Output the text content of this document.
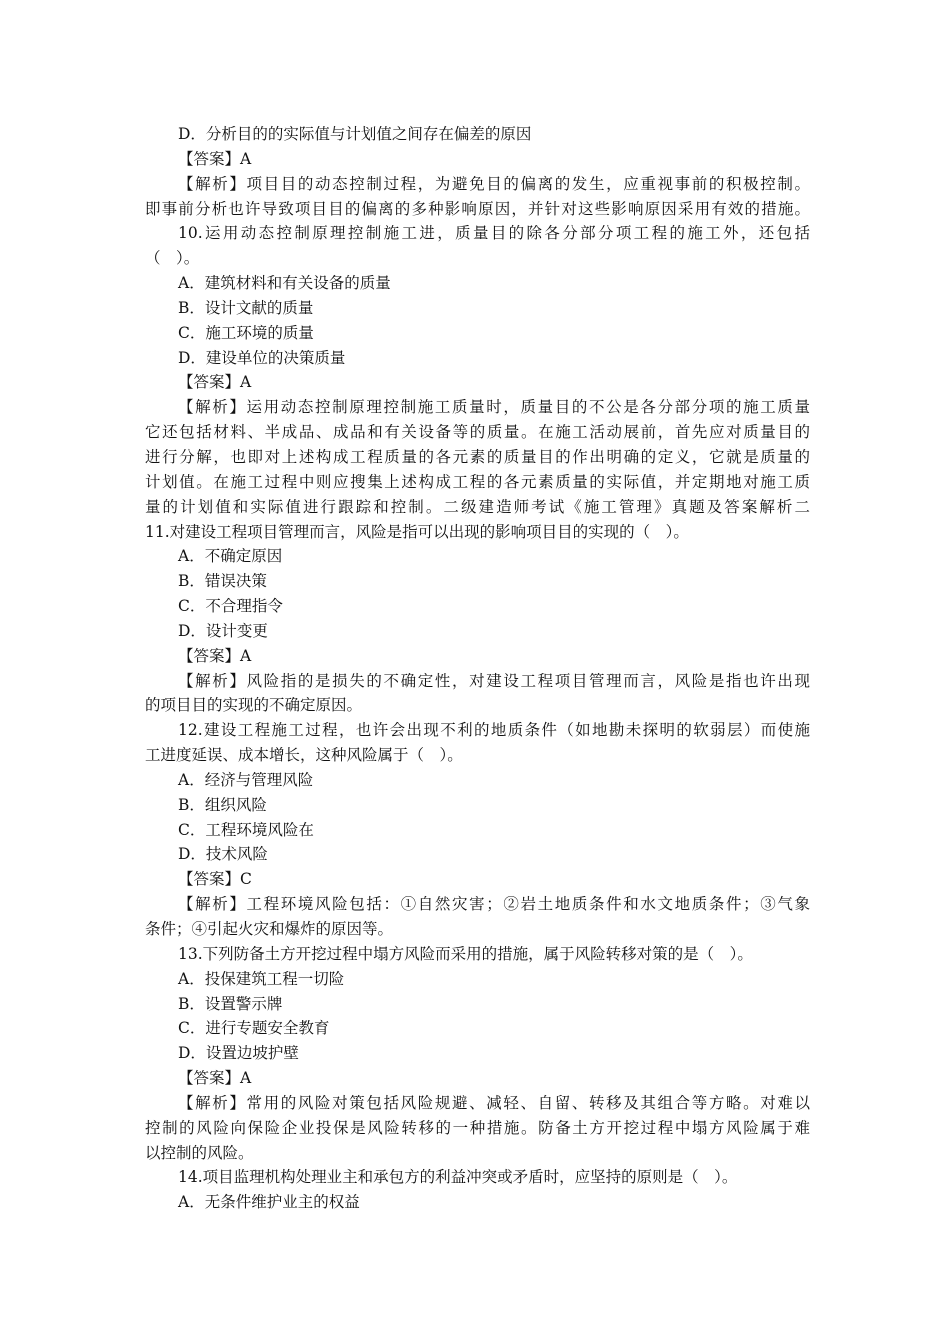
D．分析目的的实际值与计划值之间存在偏差的原因
【答案】A
【解析】项目目的动态控制过程，为避免目的偏离的发生，应重视事前的积极控制。
即事前分析也许导致项目目的偏离的多种影响原因，并针对这些影响原因采用有效的措施。
10.运用动态控制原理控制施工进，质量目的除各分部分项工程的施工外，还包括
（　）。
A．建筑材料和有关设备的质量
B．设计文献的质量
C．施工环境的质量
D．建设单位的决策质量
【答案】A
【解析】运用动态控制原理控制施工质量时，质量目的不公是各分部分项的施工质量
它还包括材料、半成品、成品和有关设备等的质量。在施工活动展前，首先应对质量目的
进行分解，也即对上述构成工程质量的各元素的质量目的作出明确的定义，它就是质量的
计划值。在施工过程中则应搜集上述构成工程的各元素质量的实际值，并定期地对施工质
量的计划值和实际值进行跟踪和控制。二级建造师考试《施工管理》真题及答案解析二
11.对建设工程项目管理而言，风险是指可以出现的影响项目目的实现的（　）。
A．不确定原因
B．错误决策
C．不合理指令
D．设计变更
【答案】A
【解析】风险指的是损失的不确定性，对建设工程项目管理而言，风险是指也许出现
的项目目的实现的不确定原因。
12.建设工程施工过程，也许会出现不利的地质条件（如地勘未探明的软弱层）而使施
工进度延误、成本增长，这种风险属于（　）。
A．经济与管理风险
B．组织风险
C．工程环境风险在
D．技术风险
【答案】C
【解析】工程环境风险包括：①自然灾害；②岩土地质条件和水文地质条件；③气象
条件；④引起火灾和爆炸的原因等。
13.下列防备土方开挖过程中塌方风险而采用的措施，属于风险转移对策的是（　）。
A．投保建筑工程一切险
B．设置警示牌
C．进行专题安全教育
D．设置边坡护壁
【答案】A
【解析】常用的风险对策包括风险规避、减轻、自留、转移及其组合等方略。对难以
控制的风险向保险企业投保是风险转移的一种措施。防备土方开挖过程中塌方风险属于难
以控制的风险。
14.项目监理机构处理业主和承包方的利益冲突或矛盾时，应坚持的原则是（　）。
A．无条件维护业主的权益
